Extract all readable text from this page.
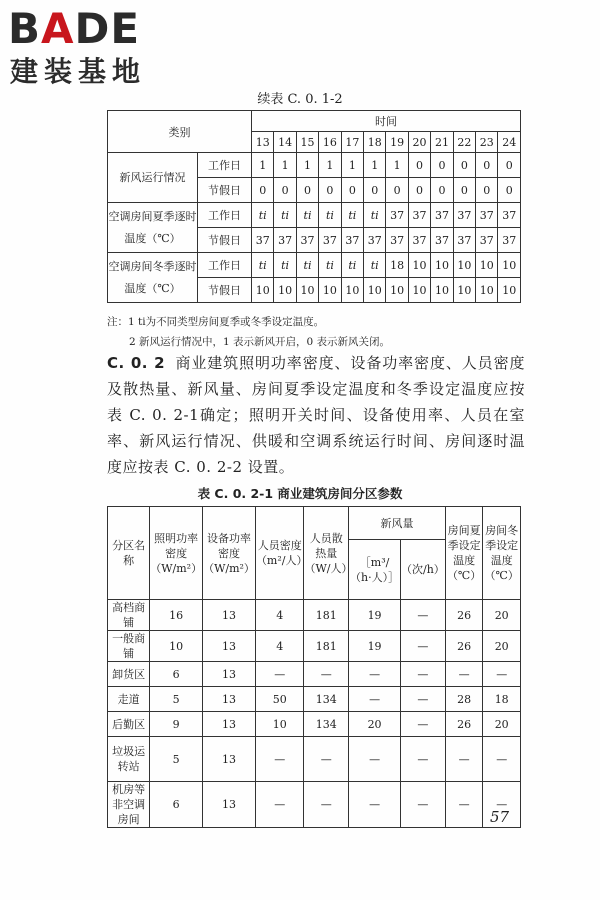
BADE
建装基地
续表 C. 0. 1-2
类别		时间											
		13	14	15	16	17	18	19	20	21	22	23	24
新风运行情况	工作日	1	1	1	1	1	1	1	0	0	0	0	0
	节假日	0	0	0	0	0	0	0	0	0	0	0	0
空调房间夏季逐时温度（℃）	工作日	ti	ti	ti	ti	ti	ti	37	37	37	37	37	37
	节假日	37	37	37	37	37	37	37	37	37	37	37	37
空调房间冬季逐时温度（℃）	工作日	ti	ti	ti	ti	ti	ti	18	10	10	10	10	10
	节假日	10	10	10	10	10	10	10	10	10	10	10	10
注：1 ti为不同类型房间夏季或冬季设定温度。
2 新风运行情况中，1 表示新风开启，0 表示新风关闭。
C. 0. 2 商业建筑照明功率密度、设备功率密度、人员密度及散热量、新风量、房间夏季设定温度和冬季设定温度应按表 C. 0. 2-1确定；照明开关时间、设备使用率、人员在室率、新风运行情况、供暖和空调系统运行时间、房间逐时温度应按表 C. 0. 2-2 设置。
表 C. 0. 2-1 商业建筑房间分区参数
分区名称	照明功率密度（W/m²）	设备功率密度（W/m²）	人员密度（m²/人）	人员散热量（W/人）	新风量		房间夏季设定温度（℃）	房间冬季设定温度（℃）
					［m³/（h·人）］	（次/h）		
高档商铺	16	13	4	181	19	—	26	20
一般商铺	10	13	4	181	19	—	26	20
卸货区	6	13	—	—	—	—	—	—
走道	5	13	50	134	—	—	28	18
后勤区	9	13	10	134	20	—	26	20
垃圾运转站	5	13	—	—	—	—	—	—
机房等非空调房间	6	13	—	—	—	—	—	—
57
